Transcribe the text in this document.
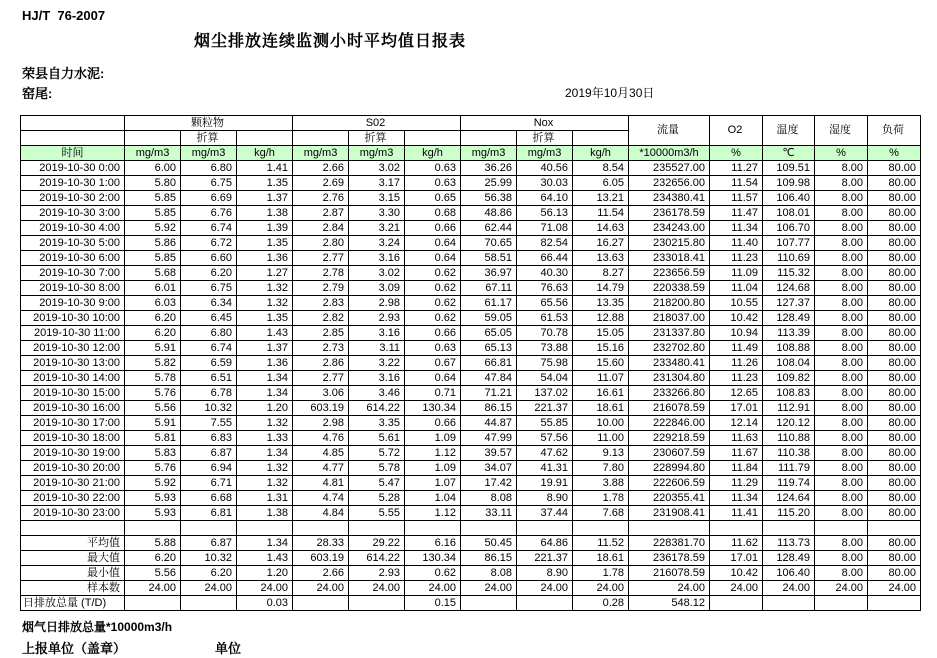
HJ/T  76-2007
烟尘排放连续监测小时平均值日报表
荣县自力水泥:
窑尾:	2019年10月30日
	颗粒物			S02			Nox			流量	O2	温度	湿度	负荷
		折算			折算			折算						
时间	mg/m3	mg/m3	kg/h	mg/m3	mg/m3	kg/h	mg/m3	mg/m3	kg/h	*10000m3/h	%	℃	%	%
2019-10-30 0:00	6.00	6.80	1.41	2.66	3.02	0.63	36.26	40.56	8.54	235527.00	11.27	109.51	8.00	80.00
2019-10-30 1:00	5.80	6.75	1.35	2.69	3.17	0.63	25.99	30.03	6.05	232656.00	11.54	109.98	8.00	80.00
2019-10-30 2:00	5.85	6.69	1.37	2.76	3.15	0.65	56.38	64.10	13.21	234380.41	11.57	106.40	8.00	80.00
2019-10-30 3:00	5.85	6.76	1.38	2.87	3.30	0.68	48.86	56.13	11.54	236178.59	11.47	108.01	8.00	80.00
2019-10-30 4:00	5.92	6.74	1.39	2.84	3.21	0.66	62.44	71.08	14.63	234243.00	11.34	106.70	8.00	80.00
2019-10-30 5:00	5.86	6.72	1.35	2.80	3.24	0.64	70.65	82.54	16.27	230215.80	11.40	107.77	8.00	80.00
2019-10-30 6:00	5.85	6.60	1.36	2.77	3.16	0.64	58.51	66.44	13.63	233018.41	11.23	110.69	8.00	80.00
2019-10-30 7:00	5.68	6.20	1.27	2.78	3.02	0.62	36.97	40.30	8.27	223656.59	11.09	115.32	8.00	80.00
2019-10-30 8:00	6.01	6.75	1.32	2.79	3.09	0.62	67.11	76.63	14.79	220338.59	11.04	124.68	8.00	80.00
2019-10-30 9:00	6.03	6.34	1.32	2.83	2.98	0.62	61.17	65.56	13.35	218200.80	10.55	127.37	8.00	80.00
2019-10-30 10:00	6.20	6.45	1.35	2.82	2.93	0.62	59.05	61.53	12.88	218037.00	10.42	128.49	8.00	80.00
2019-10-30 11:00	6.20	6.80	1.43	2.85	3.16	0.66	65.05	70.78	15.05	231337.80	10.94	113.39	8.00	80.00
2019-10-30 12:00	5.91	6.74	1.37	2.73	3.11	0.63	65.13	73.88	15.16	232702.80	11.49	108.88	8.00	80.00
2019-10-30 13:00	5.82	6.59	1.36	2.86	3.22	0.67	66.81	75.98	15.60	233480.41	11.26	108.04	8.00	80.00
2019-10-30 14:00	5.78	6.51	1.34	2.77	3.16	0.64	47.84	54.04	11.07	231304.80	11.23	109.82	8.00	80.00
2019-10-30 15:00	5.76	6.78	1.34	3.06	3.46	0.71	71.21	137.02	16.61	233266.80	12.65	108.83	8.00	80.00
2019-10-30 16:00	5.56	10.32	1.20	603.19	614.22	130.34	86.15	221.37	18.61	216078.59	17.01	112.91	8.00	80.00
2019-10-30 17:00	5.91	7.55	1.32	2.98	3.35	0.66	44.87	55.85	10.00	222846.00	12.14	120.12	8.00	80.00
2019-10-30 18:00	5.81	6.83	1.33	4.76	5.61	1.09	47.99	57.56	11.00	229218.59	11.63	110.88	8.00	80.00
2019-10-30 19:00	5.83	6.87	1.34	4.85	5.72	1.12	39.57	47.62	9.13	230607.59	11.67	110.38	8.00	80.00
2019-10-30 20:00	5.76	6.94	1.32	4.77	5.78	1.09	34.07	41.31	7.80	228994.80	11.84	111.79	8.00	80.00
2019-10-30 21:00	5.92	6.71	1.32	4.81	5.47	1.07	17.42	19.91	3.88	222606.59	11.29	119.74	8.00	80.00
2019-10-30 22:00	5.93	6.68	1.31	4.74	5.28	1.04	8.08	8.90	1.78	220355.41	11.34	124.64	8.00	80.00
2019-10-30 23:00	5.93	6.81	1.38	4.84	5.55	1.12	33.11	37.44	7.68	231908.41	11.41	115.20	8.00	80.00

平均值	5.88	6.87	1.34	28.33	29.22	6.16	50.45	64.86	11.52	228381.70	11.62	113.73	8.00	80.00
最大值	6.20	10.32	1.43	603.19	614.22	130.34	86.15	221.37	18.61	236178.59	17.01	128.49	8.00	80.00
最小值	5.56	6.20	1.20	2.66	2.93	0.62	8.08	8.90	1.78	216078.59	10.42	106.40	8.00	80.00
样本数	24.00	24.00	24.00	24.00	24.00	24.00	24.00	24.00	24.00	24.00	24.00	24.00	24.00	24.00
日排放总量 (T/D)			0.03			0.15			0.28	548.12				
烟气日排放总量*10000m3/h
上报单位（盖章）	单位
